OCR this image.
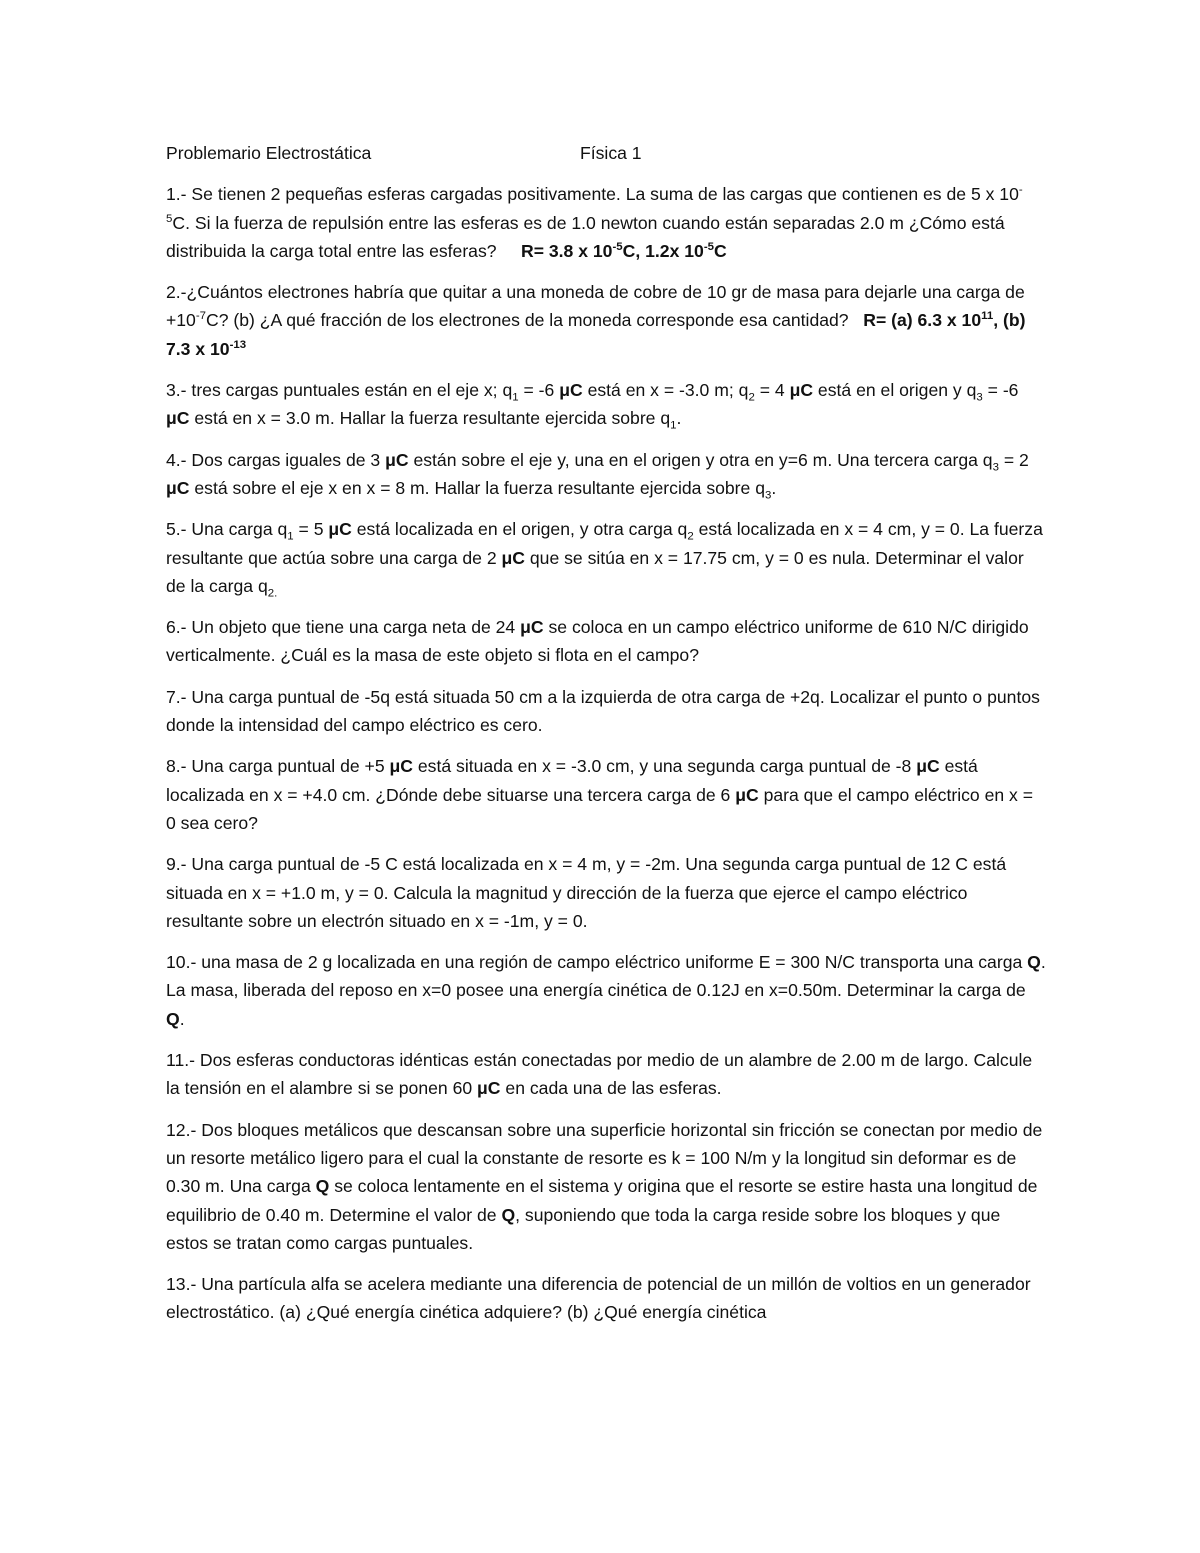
Problemario Electrostática	Física 1

1.- Se tienen 2 pequeñas esferas cargadas positivamente. La suma de las cargas que contienen es de 5 x $10^{-5}C$. Si la fuerza de repulsión entre las esferas es de 1.0 newton cuando están separadas 2.0 m ¿Cómo está distribuida la carga total entre las esferas? R= 3.8 x $10^{-5}C$, 1.2x $10^{-5}C$

2.-¿Cuántos electrones habría que quitar a una moneda de cobre de 10 gr de masa para dejarle una carga de $+10^{-7}C$? (b) ¿A qué fracción de los electrones de la moneda corresponde esa cantidad? R= (a) 6.3 x $10^{11}$, (b) 7.3 x $10^{-13}$

3.- tres cargas puntuales están en el eje x; $q_1 = -6$ μC está en x = -3.0 m; $q_2 = 4$ μC está en el origen y $q_3 = -6$ μC está en x = 3.0 m. Hallar la fuerza resultante ejercida sobre $q_1$.

4.- Dos cargas iguales de 3 μC están sobre el eje y, una en el origen y otra en y=6 m. Una tercera carga $q_3 = 2$ μC está sobre el eje x en x = 8 m. Hallar la fuerza resultante ejercida sobre $q_3$.

5.- Una carga $q_1 = 5$ μC está localizada en el origen, y otra carga $q_2$ está localizada en x = 4 cm, y = 0. La fuerza resultante que actúa sobre una carga de 2 μC que se sitúa en x = 17.75 cm, y = 0 es nula. Determinar el valor de la carga $q_{2.}$

6.- Un objeto que tiene una carga neta de 24 μC se coloca en un campo eléctrico uniforme de 610 N/C dirigido verticalmente. ¿Cuál es la masa de este objeto si flota en el campo?

7.- Una carga puntual de -5q está situada 50 cm a la izquierda de otra carga de +2q. Localizar el punto o puntos donde la intensidad del campo eléctrico es cero.

8.- Una carga puntual de +5 μC está situada en x = -3.0 cm, y una segunda carga puntual de -8 μC está localizada en x = +4.0 cm. ¿Dónde debe situarse una tercera carga de 6 μC para que el campo eléctrico en x = 0 sea cero?

9.- Una carga puntual de -5 C está localizada en x = 4 m, y = -2m. Una segunda carga puntual de 12 C está situada en x = +1.0 m, y = 0. Calcula la magnitud y dirección de la fuerza que ejerce el campo eléctrico resultante sobre un electrón situado en x = -1m, y = 0.

10.- una masa de 2 g localizada en una región de campo eléctrico uniforme E = 300 N/C transporta una carga Q. La masa, liberada del reposo en x=0 posee una energía cinética de 0.12J en x=0.50m. Determinar la carga de Q.

11.- Dos esferas conductoras idénticas están conectadas por medio de un alambre de 2.00 m de largo. Calcule la tensión en el alambre si se ponen 60 μC en cada una de las esferas.

12.- Dos bloques metálicos que descansan sobre una superficie horizontal sin fricción se conectan por medio de un resorte metálico ligero para el cual la constante de resorte es k = 100 N/m y la longitud sin deformar es de 0.30 m. Una carga Q se coloca lentamente en el sistema y origina que el resorte se estire hasta una longitud de equilibrio de 0.40 m. Determine el valor de Q, suponiendo que toda la carga reside sobre los bloques y que estos se tratan como cargas puntuales.

13.- Una partícula alfa se acelera mediante una diferencia de potencial de un millón de voltios en un generador electrostático. (a) ¿Qué energía cinética adquiere? (b) ¿Qué energía cinética
